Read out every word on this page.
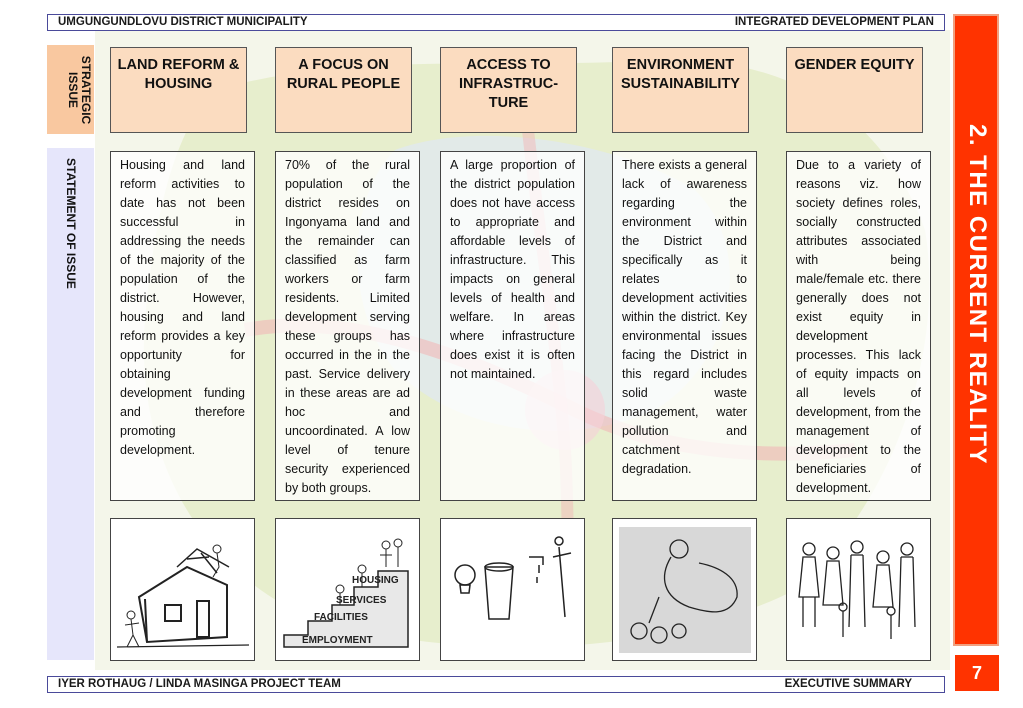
UMGUNGUNDLOVU DISTRICT MUNICIPALITY	INTEGRATED DEVELOPMENT PLAN
STRATEGIC
ISSUE
STATEMENT OF ISSUE
LAND REFORM & HOUSING
Housing and land reform activities to date has not been successful in addressing the needs of the majority of the population of the district. However, housing and land reform provides a key opportunity for obtaining development funding and therefore promoting development.
A FOCUS ON RURAL PEOPLE
70% of the rural population of the district resides on Ingonyama land and the remainder can classified as farm workers or farm residents. Limited development serving these groups has occurred in the in the past. Service delivery in these areas are ad hoc and uncoordinated. A low level of tenure security experienced by both groups.
HOUSING
SERVICES
FACILITIES
EMPLOYMENT
ACCESS TO INFRASTRUC-TURE
A large proportion of the district population does not have access to appropriate and affordable levels of infrastructure. This impacts on general levels of health and welfare. In areas where infrastructure does exist it is often not maintained.
ENVIRONMENT SUSTAINABILITY
There exists a general lack of awareness regarding the environment within the District and specifically as it relates to development activities within the district. Key environmental issues facing the District in this regard includes solid waste management, water pollution and catchment degradation.
GENDER EQUITY
Due to a variety of reasons viz. how society defines roles, socially constructed attributes associated with being male/female etc. there generally does not exist equity in development processes. This lack of equity impacts on all levels of development, from the management of development to the beneficiaries of development.
2. THE CURRENT REALITY
7
IYER ROTHAUG / LINDA MASINGA PROJECT TEAM	EXECUTIVE SUMMARY
